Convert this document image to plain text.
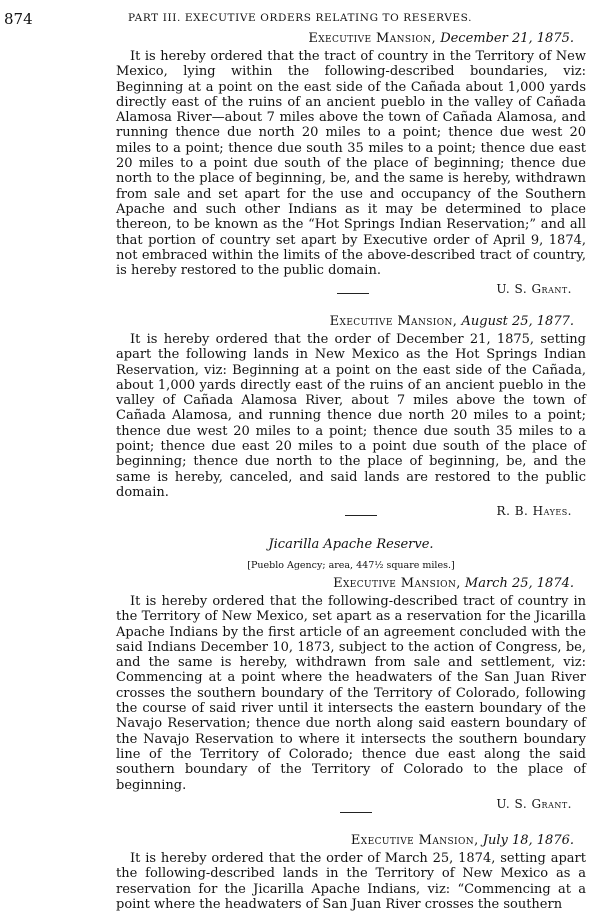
874	PART III. EXECUTIVE ORDERS RELATING TO RESERVES.
Executive Mansion, December 21, 1875.

It is hereby ordered that the tract of country in the Territory of New Mexico, lying within the following-described boundaries, viz: Beginning at a point on the east side of the Cañada about 1,000 yards directly east of the ruins of an ancient pueblo in the valley of Cañada Alamosa River—about 7 miles above the town of Cañada Alamosa, and running thence due north 20 miles to a point; thence due west 20 miles to a point; thence due south 35 miles to a point; thence due east 20 miles to a point due south of the place of beginning; thence due north to the place of beginning, be, and the same is hereby, withdrawn from sale and set apart for the use and occupancy of the Southern Apache and such other Indians as it may be determined to place thereon, to be known as the “Hot Springs Indian Reservation;” and all that portion of country set apart by Executive order of April 9, 1874, not embraced within the limits of the above-described tract of country, is hereby restored to the public domain.

U. S. Grant.
Executive Mansion, August 25, 1877.

It is hereby ordered that the order of December 21, 1875, setting apart the following lands in New Mexico as the Hot Springs Indian Reservation, viz: Beginning at a point on the east side of the Cañada, about 1,000 yards directly east of the ruins of an ancient pueblo in the valley of Cañada Alamosa River, about 7 miles above the town of Cañada Alamosa, and running thence due north 20 miles to a point; thence due west 20 miles to a point; thence due south 35 miles to a point; thence due east 20 miles to a point due south of the place of beginning; thence due north to the place of beginning, be, and the same is hereby, canceled, and said lands are restored to the public domain.

R. B. Hayes.
Jicarilla Apache Reserve.
[Pueblo Agency; area, 447½ square miles.]
Executive Mansion, March 25, 1874.

It is hereby ordered that the following-described tract of country in the Territory of New Mexico, set apart as a reservation for the Jicarilla Apache Indians by the first article of an agreement concluded with the said Indians December 10, 1873, subject to the action of Congress, be, and the same is hereby, withdrawn from sale and settlement, viz: Commencing at a point where the headwaters of the San Juan River crosses the southern boundary of the Territory of Colorado, following the course of said river until it intersects the eastern boundary of the Navajo Reservation; thence due north along said eastern boundary of the Navajo Reservation to where it intersects the southern boundary line of the Territory of Colorado; thence due east along the said southern boundary of the Territory of Colorado to the place of beginning.

U. S. Grant.
Executive Mansion, July 18, 1876.

It is hereby ordered that the order of March 25, 1874, setting apart the following-described lands in the Territory of New Mexico as a reservation for the Jicarilla Apache Indians, viz: “Commencing at a point where the headwaters of San Juan River crosses the southern
